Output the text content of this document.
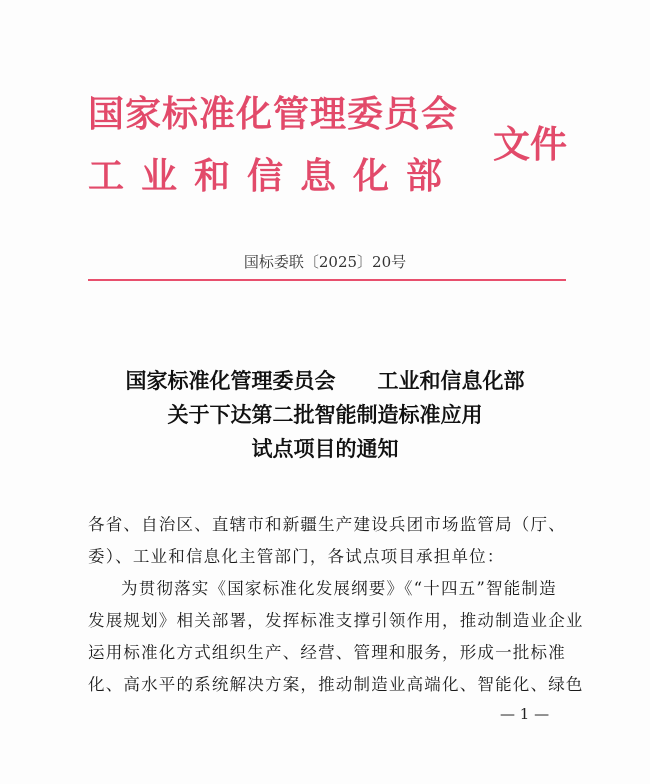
国家标准化管理委员会
工业和信息化部
文件
国标委联〔2025〕20号
国家标准化管理委员会　　工业和信息化部
关于下达第二批智能制造标准应用
试点项目的通知
各省、自治区、直辖市和新疆生产建设兵团市场监管局（厅、
委）、工业和信息化主管部门，各试点项目承担单位：
为贯彻落实《国家标准化发展纲要》《“十四五”智能制造
发展规划》相关部署，发挥标准支撑引领作用，推动制造业企业
运用标准化方式组织生产、经营、管理和服务，形成一批标准
化、高水平的系统解决方案，推动制造业高端化、智能化、绿色
— 1 —
